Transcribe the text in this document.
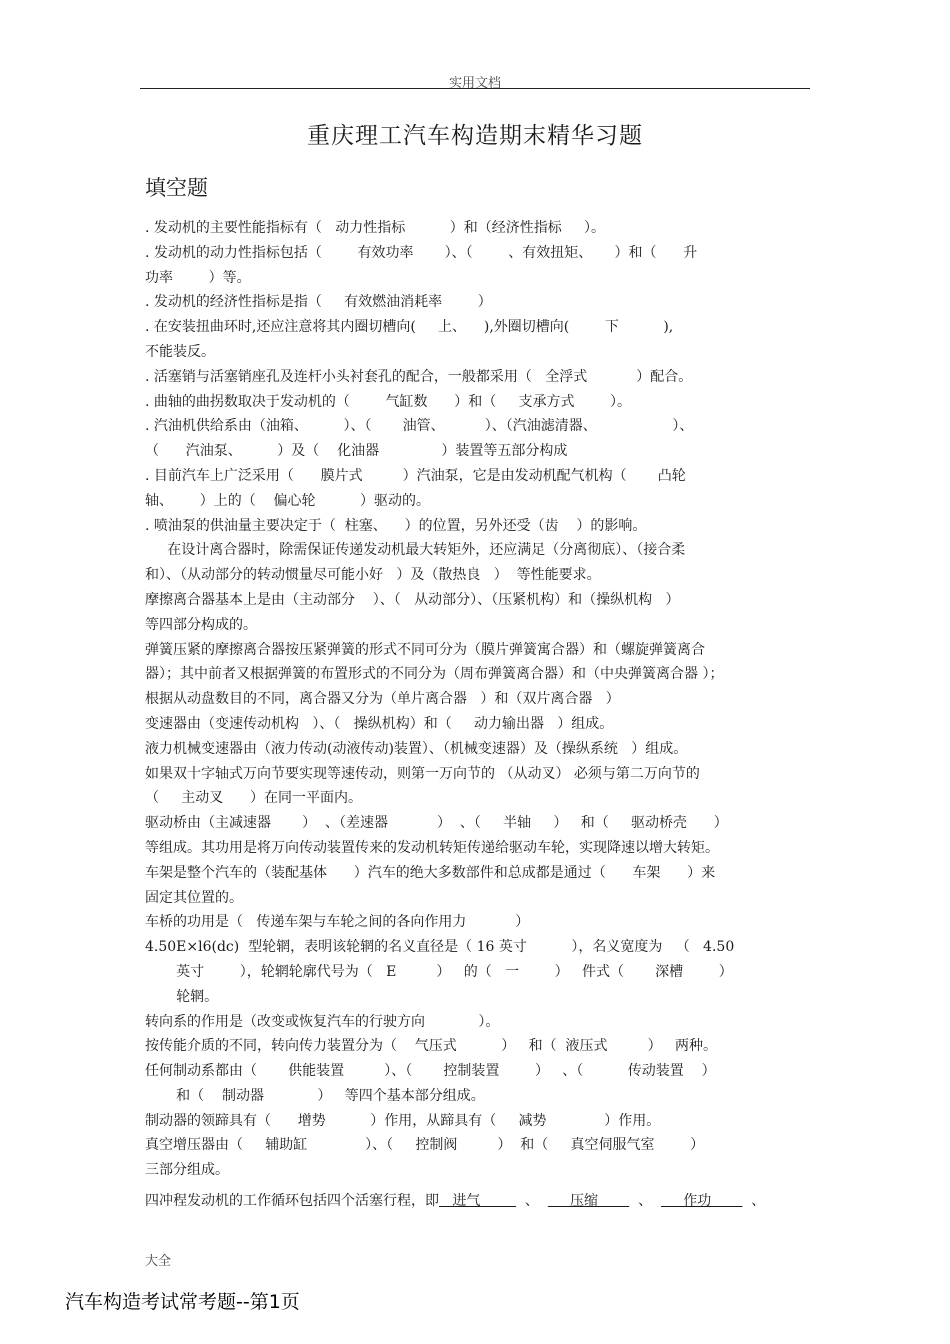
实用文档
重庆理工汽车构造期末精华习题
填空题
. 发动机的主要性能指标有（   动力性指标          ）和（经济性指标     ）。
. 发动机的动力性指标包括（        有效功率       ）、（        、有效扭矩、     ）和（      升
功率        ）等。
. 发动机的经济性指标是指（     有效燃油消耗率        ）
. 在安装扭曲环时,还应注意将其内圈切槽向(     上、    ),外圈切槽向(        下          ),
不能装反。
. 活塞销与活塞销座孔及连杆小头衬套孔的配合，一般都采用（   全浮式           ）配合。
. 曲轴的曲拐数取决于发动机的（        气缸数      ）和（     支承方式        ）。
. 汽油机供给系由（油箱、        ）、（       油管、         ）、（汽油滤清器、                 ）、
（      汽油泵、        ）及（    化油器              ）装置等五部分构成
. 目前汽车上广泛采用（      膜片式         ）汽油泵，它是由发动机配气机构（       凸轮
轴、      ）上的（    偏心轮          ）驱动的。
. 喷油泵的供油量主要决定于（  柱塞、    ）的位置，另外还受（齿    ）的影响。
在设计离合器时，除需保证传递发动机最大转矩外，还应满足（分离彻底）、（接合柔
和）、（从动部分的转动惯量尽可能小好   ）及（散热良   ）  等性能要求。
摩擦离合器基本上是由（主动部分    ）、（   从动部分）、（压紧机构）和（操纵机构   ）
等四部分构成的。
弹簧压紧的摩擦离合器按压紧弹簧的形式不同可分为（膜片弹簧寓合器）和（螺旋弹簧离合
器）；其中前者又根据弹簧的布置形式的不同分为（周布弹簧离合器）和（中央弹簧离合器 ）；
根据从动盘数目的不同，离合器又分为（单片离合器   ）和（双片离合器   ）
变速器由（变速传动机构   ）、（   操纵机构）和（     动力输出器   ）组成。
液力机械变速器由（液力传动(动液传动)装置）、（机械变速器）及（操纵系统   ）组成。
如果双十字轴式万向节要实现等速传动，则第一万向节的 （从动叉） 必须与第二万向节的
（     主动叉      ）在同一平面内。
驱动桥由（主减速器       ）  、（差速器           ）  、（     半轴     ）   和（     驱动桥壳      ）
等组成。其功用是将万向传动装置传来的发动机转矩传递给驱动车轮，实现降速以增大转矩。
车架是整个汽车的（装配基体      ）汽车的绝大多数部件和总成都是通过（      车架      ）来
固定其位置的。
车桥的功用是（   传递车架与车轮之间的各向作用力           ）
4.50E×l6(dc)  型轮辋，表明该轮辋的名义直径是（ 16 英寸          ），名义宽度为   （   4.50
英寸        ），轮辋轮廓代号为（   E         ）   的（   一        ）   件式（       深槽        ）
轮辋。
转向系的作用是（改变或恢复汽车的行驶方向            ）。
按传能介质的不同，转向传力装置分为（    气压式          ）   和（  液压式         ）   两种。
任何制动系都由（       供能装置         ）、（       控制装置        ）   、（          传动装置    ）
和（    制动器            ）   等四个基本部分组成。
制动器的领蹄具有（      增势          ）作用，从蹄具有（     减势             ）作用。
真空增压器由（     辅助缸             ）、（     控制阀         ）  和（     真空伺服气室        ）
三部分组成。
四冲程发动机的工作循环包括四个活塞行程，即   进气          、       压缩         、       作功         、
大全
汽车构造考试常考题--第1页
